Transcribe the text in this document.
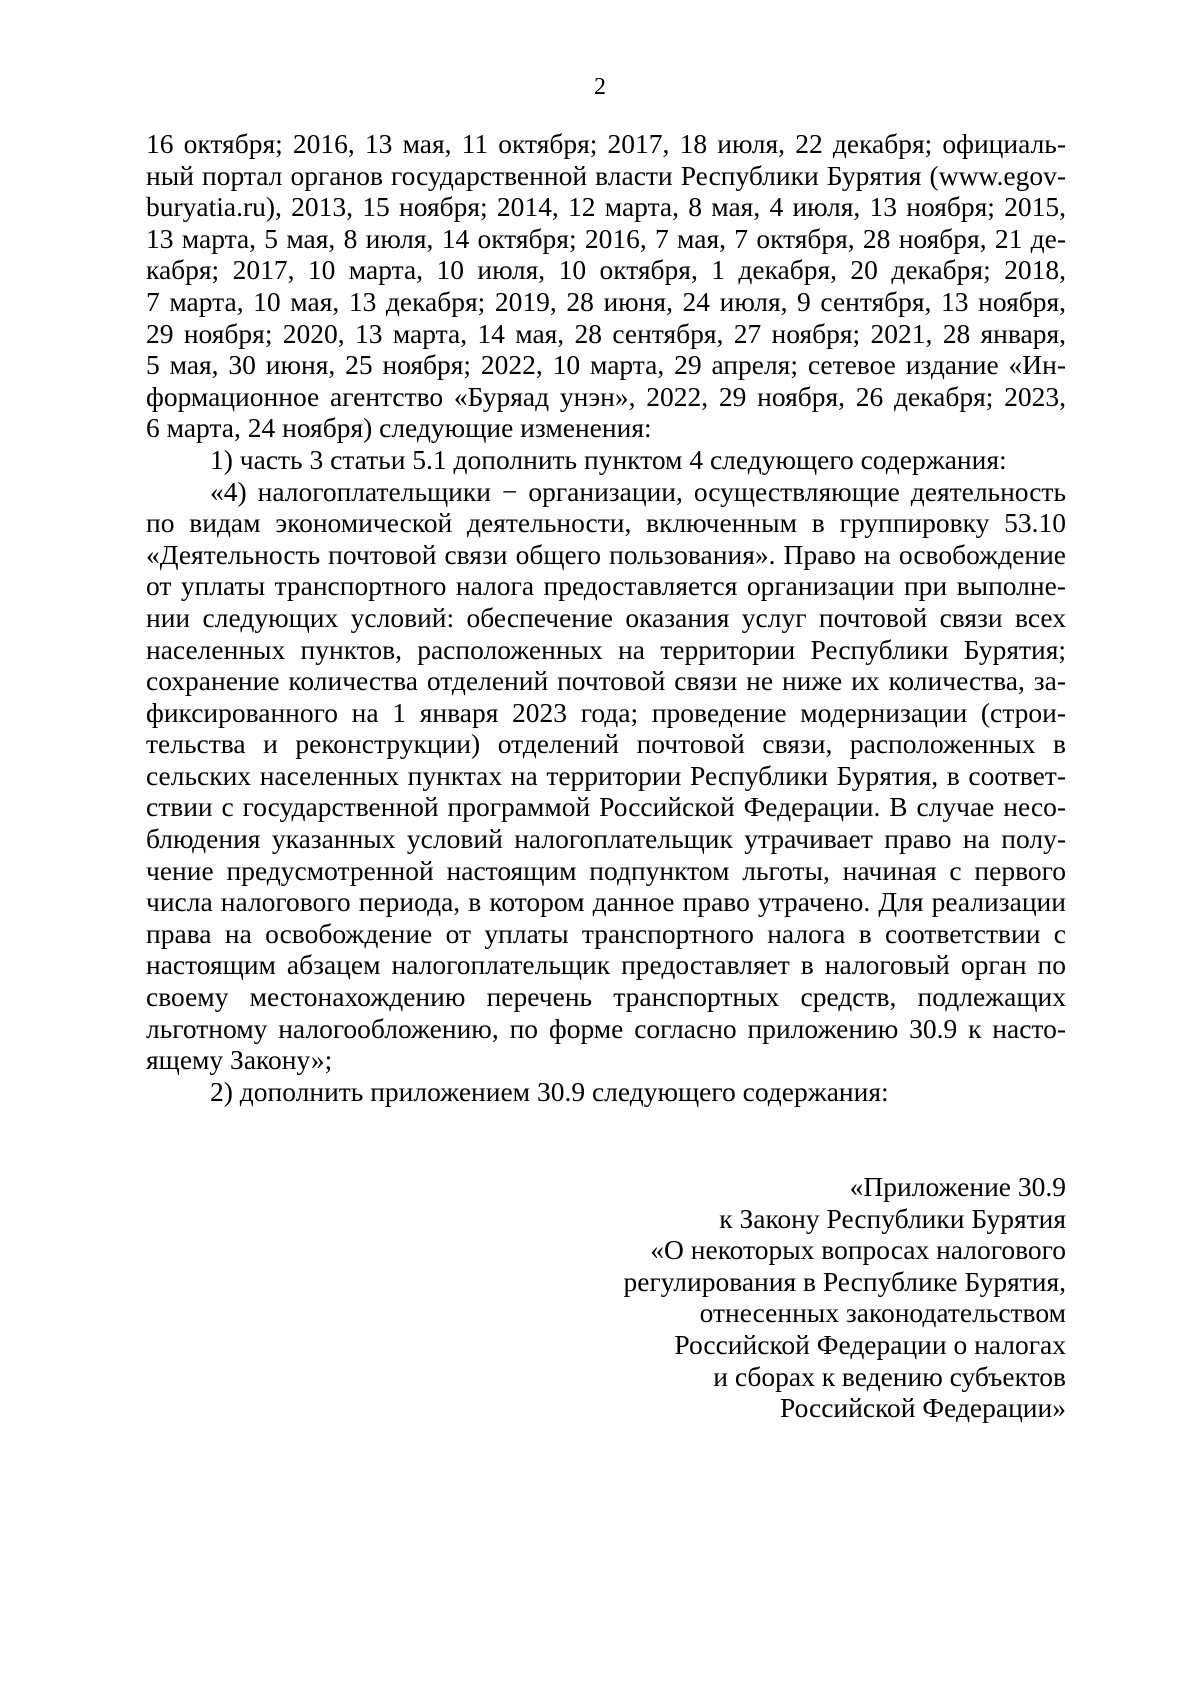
2
16 октября; 2016, 13 мая, 11 октября; 2017, 18 июля, 22 декабря; официаль-
ный портал органов государственной власти Республики Бурятия (www.egov-
buryatia.ru), 2013, 15 ноября; 2014, 12 марта, 8 мая, 4 июля, 13 ноября; 2015,
13 марта, 5 мая, 8 июля, 14 октября; 2016, 7 мая, 7 октября, 28 ноября, 21 де-
кабря; 2017, 10 марта, 10 июля, 10 октября, 1 декабря, 20 декабря; 2018,
7 марта, 10 мая, 13 декабря; 2019, 28 июня, 24 июля, 9 сентября, 13 ноября,
29 ноября; 2020, 13 марта, 14 мая, 28 сентября, 27 ноября; 2021, 28 января,
5 мая, 30 июня, 25 ноября; 2022, 10 марта, 29 апреля; сетевое издание «Ин-
формационное агентство «Буряад унэн», 2022, 29 ноября, 26 декабря; 2023,
6 марта, 24 ноября) следующие изменения:
1) часть 3 статьи 5.1 дополнить пунктом 4 следующего содержания:
«4) налогоплательщики − организации, осуществляющие деятельность
по видам экономической деятельности, включенным в группировку 53.10
«Деятельность почтовой связи общего пользования». Право на освобождение
от уплаты транспортного налога предоставляется организации при выполне-
нии следующих условий: обеспечение оказания услуг почтовой связи всех
населенных пунктов, расположенных на территории Республики Бурятия;
сохранение количества отделений почтовой связи не ниже их количества, за-
фиксированного на 1 января 2023 года; проведение модернизации (строи-
тельства и реконструкции) отделений почтовой связи, расположенных в
сельских населенных пунктах на территории Республики Бурятия, в соответ-
ствии с государственной программой Российской Федерации. В случае несо-
блюдения указанных условий налогоплательщик утрачивает право на полу-
чение предусмотренной настоящим подпунктом льготы, начиная с первого
числа налогового периода, в котором данное право утрачено. Для реализации
права на освобождение от уплаты транспортного налога в соответствии с
настоящим абзацем налогоплательщик предоставляет в налоговый орган по
своему местонахождению перечень транспортных средств, подлежащих
льготному налогообложению, по форме согласно приложению 30.9 к насто-
ящему Закону»;
2) дополнить приложением 30.9 следующего содержания:
«Приложение 30.9
к Закону Республики Бурятия
«О некоторых вопросах налогового
регулирования в Республике Бурятия,
отнесенных законодательством
Российской Федерации о налогах
и сборах к ведению субъектов
Российской Федерации»
